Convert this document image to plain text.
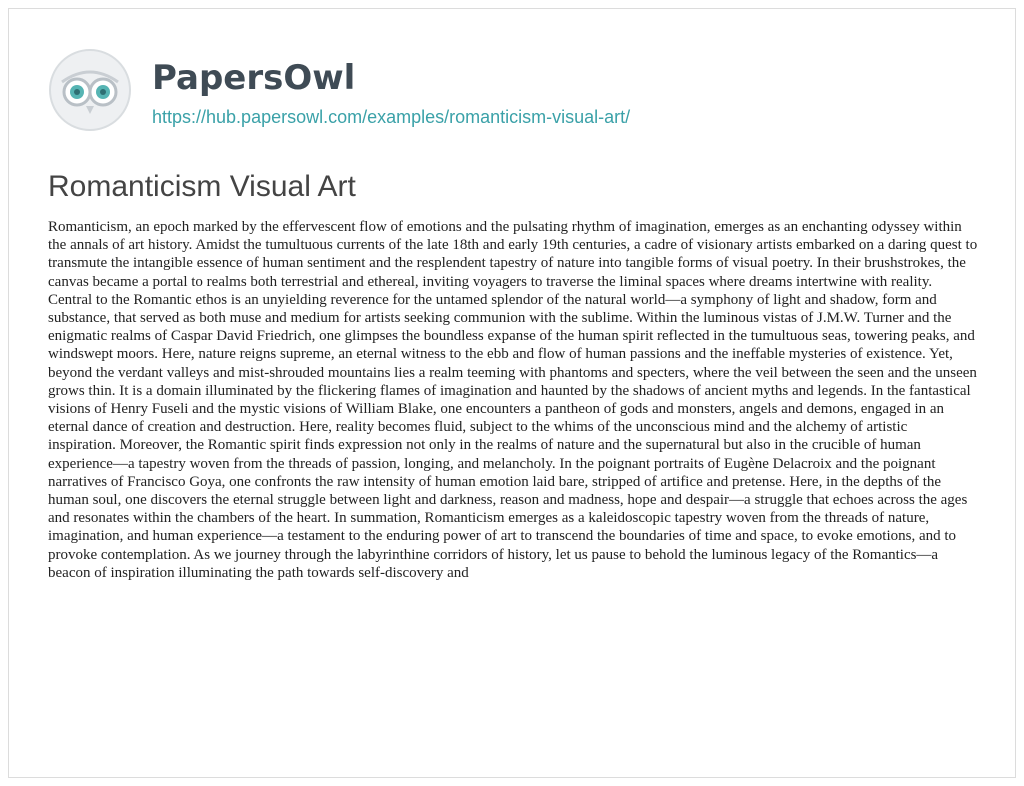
PapersOwl
https://hub.papersowl.com/examples/romanticism-visual-art/
Romanticism Visual Art

Romanticism, an epoch marked by the effervescent flow of emotions and the pulsating rhythm of imagination, emerges as an enchanting odyssey within the annals of art history. Amidst the tumultuous currents of the late 18th and early 19th centuries, a cadre of visionary artists embarked on a daring quest to transmute the intangible essence of human sentiment and the resplendent tapestry of nature into tangible forms of visual poetry. In their brushstrokes, the canvas became a portal to realms both terrestrial and ethereal, inviting voyagers to traverse the liminal spaces where dreams intertwine with reality. Central to the Romantic ethos is an unyielding reverence for the untamed splendor of the natural world—a symphony of light and shadow, form and substance, that served as both muse and medium for artists seeking communion with the sublime. Within the luminous vistas of J.M.W. Turner and the enigmatic realms of Caspar David Friedrich, one glimpses the boundless expanse of the human spirit reflected in the tumultuous seas, towering peaks, and windswept moors. Here, nature reigns supreme, an eternal witness to the ebb and flow of human passions and the ineffable mysteries of existence. Yet, beyond the verdant valleys and mist-shrouded mountains lies a realm teeming with phantoms and specters, where the veil between the seen and the unseen grows thin. It is a domain illuminated by the flickering flames of imagination and haunted by the shadows of ancient myths and legends. In the fantastical visions of Henry Fuseli and the mystic visions of William Blake, one encounters a pantheon of gods and monsters, angels and demons, engaged in an eternal dance of creation and destruction. Here, reality becomes fluid, subject to the whims of the unconscious mind and the alchemy of artistic inspiration. Moreover, the Romantic spirit finds expression not only in the realms of nature and the supernatural but also in the crucible of human experience—a tapestry woven from the threads of passion, longing, and melancholy. In the poignant portraits of Eugène Delacroix and the poignant narratives of Francisco Goya, one confronts the raw intensity of human emotion laid bare, stripped of artifice and pretense. Here, in the depths of the human soul, one discovers the eternal struggle between light and darkness, reason and madness, hope and despair—a struggle that echoes across the ages and resonates within the chambers of the heart. In summation, Romanticism emerges as a kaleidoscopic tapestry woven from the threads of nature, imagination, and human experience—a testament to the enduring power of art to transcend the boundaries of time and space, to evoke emotions, and to provoke contemplation. As we journey through the labyrinthine corridors of history, let us pause to behold the luminous legacy of the Romantics—a beacon of inspiration illuminating the path towards self-discovery and
